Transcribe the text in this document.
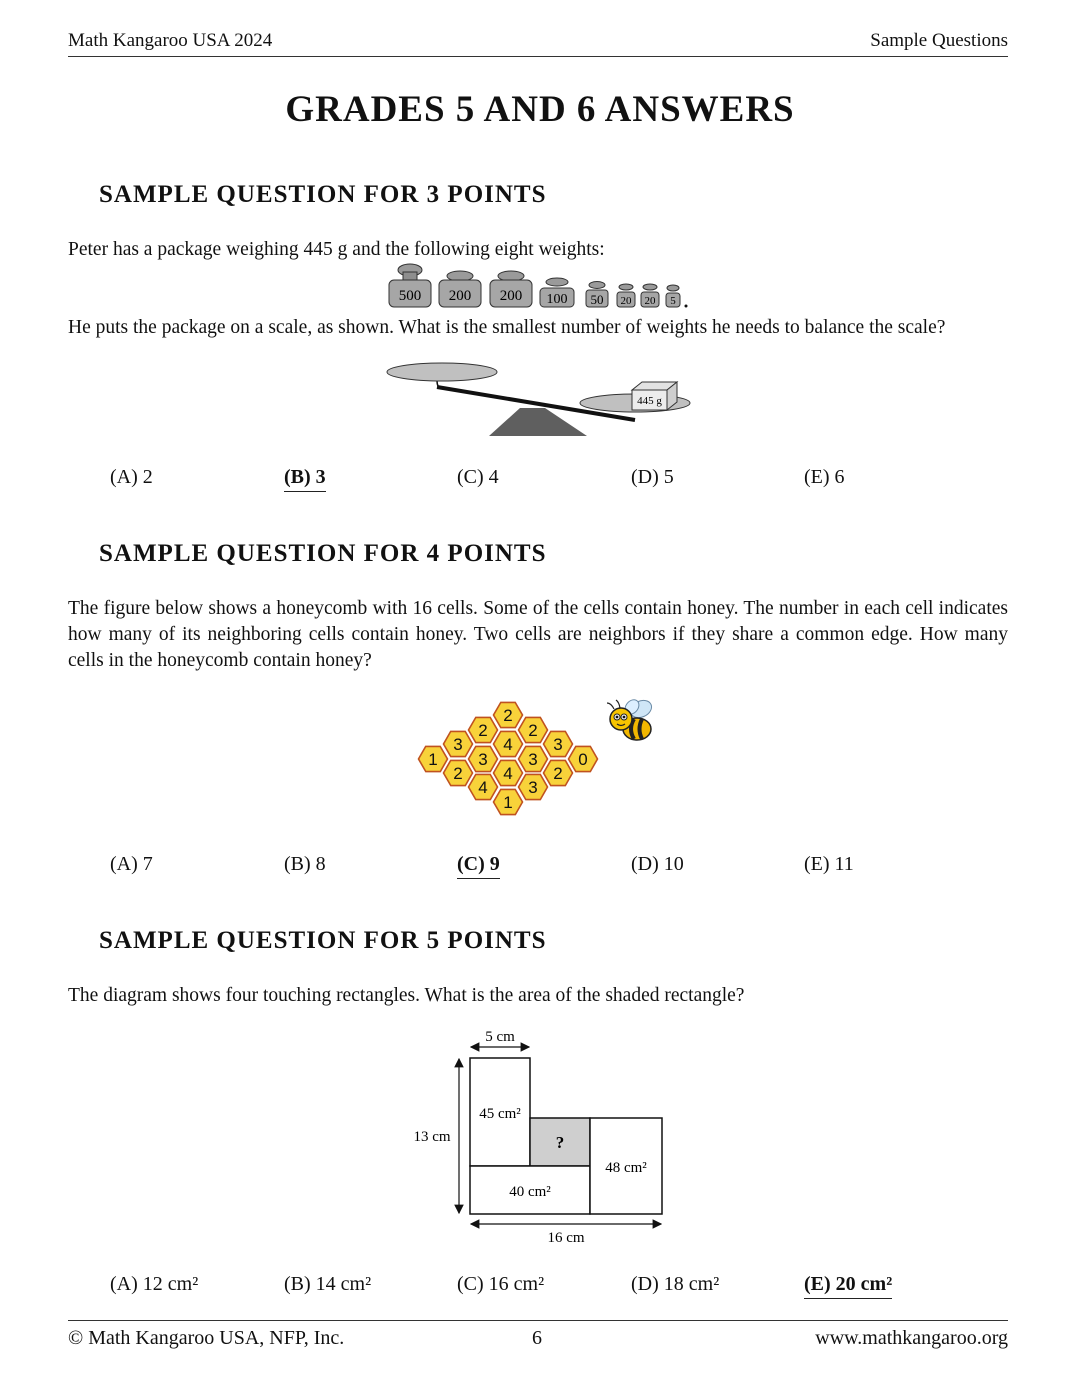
Math Kangaroo USA 2024	Sample Questions
GRADES 5 AND 6 ANSWERS
SAMPLE QUESTION FOR 3 POINTS
Peter has a package weighing 445 g and the following eight weights:
500 200 200 100 50 20 20 5
He puts the package on a scale, as shown. What is the smallest number of weights he needs to balance the scale?
445 g
(A) 2	(B) 3	(C) 4	(D) 5	(E) 6
SAMPLE QUESTION FOR 4 POINTS
The figure below shows a honeycomb with 16 cells. Some of the cells contain honey. The number in each cell indicates how many of its neighboring cells contain honey. Two cells are neighbors if they share a common edge. How many cells in the honeycomb contain honey?
1
3
2
2
3
4
2
4
4
1
2
3
3
3
2
0
(A) 7	(B) 8	(C) 9	(D) 10	(E) 11
SAMPLE QUESTION FOR 5 POINTS
The diagram shows four touching rectangles. What is the area of the shaded rectangle?
5 cm
13 cm
16 cm
45 cm²
?
40 cm²
48 cm²
(A) 12 cm²	(B) 14 cm²	(C) 16 cm²	(D) 18 cm²	(E) 20 cm²
© Math Kangaroo USA, NFP, Inc.	6	www.mathkangaroo.org
